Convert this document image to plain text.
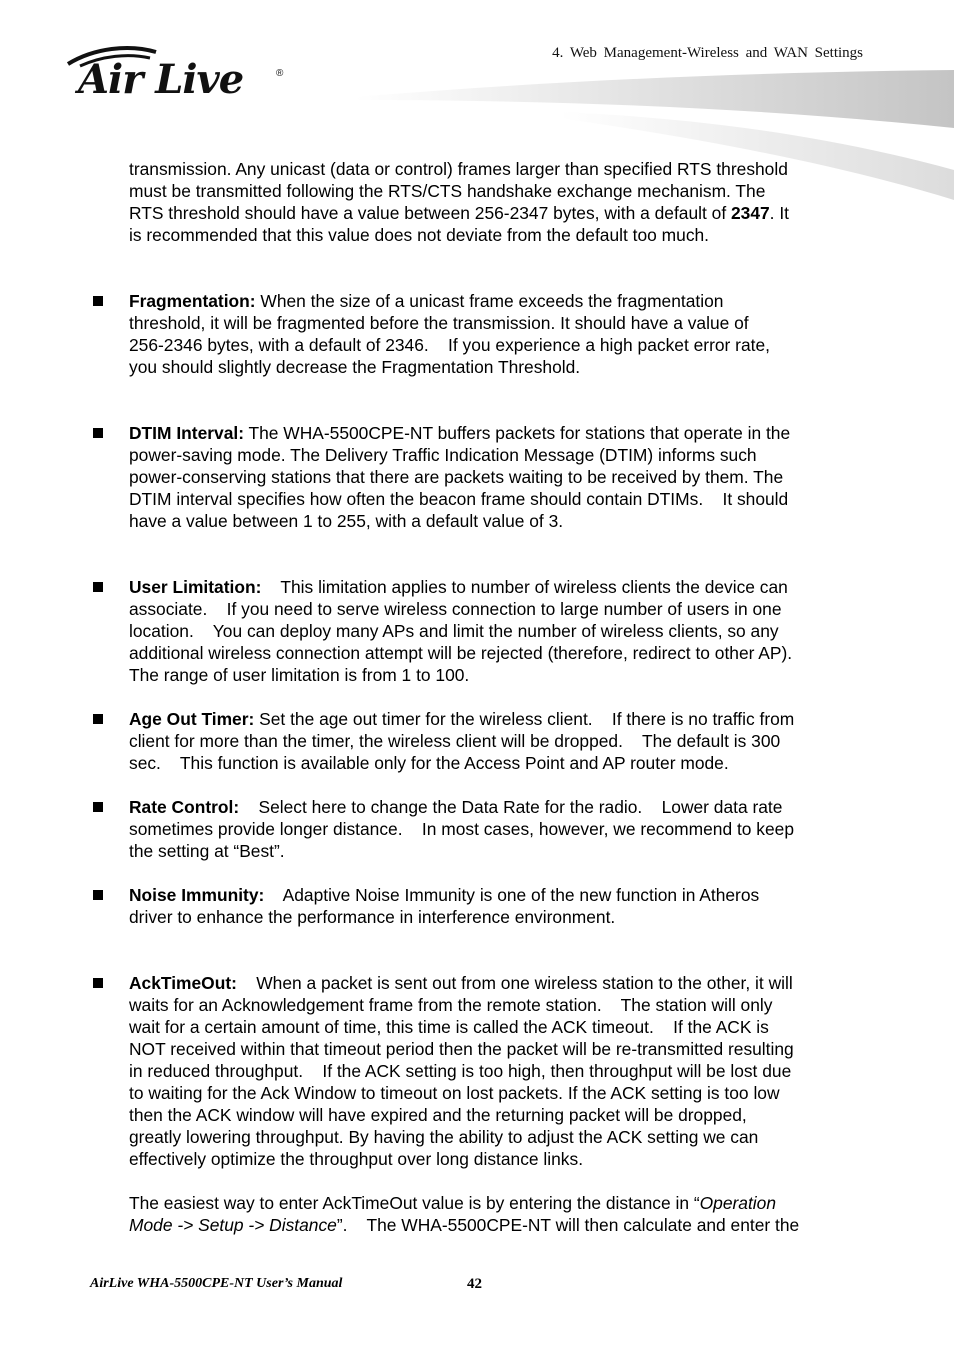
4. Web Management-Wireless and WAN Settings
Air Live	®

transmission. Any unicast (data or control) frames larger than specified RTS threshold

must be transmitted following the RTS/CTS handshake exchange mechanism. The

RTS threshold should have a value between 256-2347 bytes, with a default of 2347. It

is recommended that this value does not deviate from the default too much.

Fragmentation: When the size of a unicast frame exceeds the fragmentation

threshold, it will be fragmented before the transmission. It should have a value of

256-2346 bytes, with a default of 2346.    If you experience a high packet error rate,

you should slightly decrease the Fragmentation Threshold.

DTIM Interval: The WHA-5500CPE-NT buffers packets for stations that operate in the

power-saving mode. The Delivery Traffic Indication Message (DTIM) informs such

power-conserving stations that there are packets waiting to be received by them. The

DTIM interval specifies how often the beacon frame should contain DTIMs.    It should

have a value between 1 to 255, with a default value of 3.

User Limitation:    This limitation applies to number of wireless clients the device can

associate.    If you need to serve wireless connection to large number of users in one

location.    You can deploy many APs and limit the number of wireless clients, so any

additional wireless connection attempt will be rejected (therefore, redirect to other AP).

The range of user limitation is from 1 to 100.

Age Out Timer: Set the age out timer for the wireless client.    If there is no traffic from

client for more than the timer, the wireless client will be dropped.    The default is 300

sec.    This function is available only for the Access Point and AP router mode.

Rate Control:    Select here to change the Data Rate for the radio.    Lower data rate

sometimes provide longer distance.    In most cases, however, we recommend to keep

the setting at “Best”.

Noise Immunity:    Adaptive Noise Immunity is one of the new function in Atheros

driver to enhance the performance in interference environment.

AckTimeOut:    When a packet is sent out from one wireless station to the other, it will

waits for an Acknowledgement frame from the remote station.    The station will only

wait for a certain amount of time, this time is called the ACK timeout.    If the ACK is

NOT received within that timeout period then the packet will be re-transmitted resulting

in reduced throughput.    If the ACK setting is too high, then throughput will be lost due

to waiting for the Ack Window to timeout on lost packets. If the ACK setting is too low

then the ACK window will have expired and the returning packet will be dropped,

greatly lowering throughput. By having the ability to adjust the ACK setting we can

effectively optimize the throughput over long distance links.

The easiest way to enter AckTimeOut value is by entering the distance in “Operation

Mode -> Setup -> Distance”.    The WHA-5500CPE-NT will then calculate and enter the

AirLive WHA-5500CPE-NT User’s Manual	42
